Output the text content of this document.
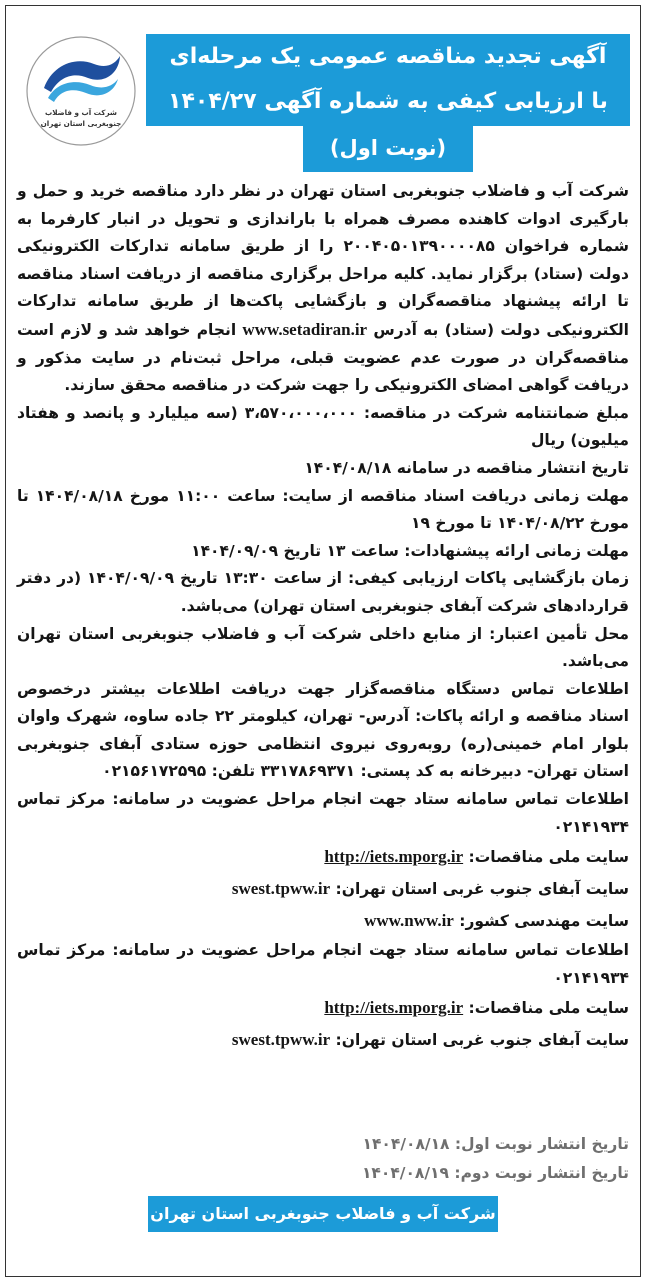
شرکت آب و فاضلاب
جنوبغربی استان تهران
آگهی تجدید مناقصه عمومی یک مرحله‌ای
با ارزیابی کیفی به شماره آگهی ۱۴۰۴/۲۷
(نوبت اول)

شرکت آب و فاضلاب جنوبغربی استان تهران در نظر دارد مناقصه خرید و حمل و بارگیری ادوات کاهنده مصرف همراه با باراندازی و تحویل در انبار کارفرما به شماره فراخوان ۲۰۰۴۰۵۰۱۳۹۰۰۰۰۸۵ را از طریق سامانه تدارکات الکترونیکی دولت (ستاد) برگزار نماید. کلیه مراحل برگزاری مناقصه از دریافت اسناد مناقصه تا ارائه پیشنهاد مناقصه‌گران و بازگشایی پاکت‌ها از طریق سامانه تدارکات الکترونیکی دولت (ستاد) به آدرس www.setadiran.ir انجام خواهد شد و لازم است مناقصه‌گران در صورت عدم عضویت قبلی، مراحل ثبت‌نام در سایت مذکور و دریافت گواهی امضای الکترونیکی را جهت شرکت در مناقصه محقق سازند.

مبلغ ضمانتنامه شرکت در مناقصه: ۳،۵۷۰،۰۰۰،۰۰۰ (سه میلیارد و پانصد و هفتاد میلیون) ریال

تاریخ انتشار مناقصه در سامانه ۱۴۰۴/۰۸/۱۸

مهلت زمانی دریافت اسناد مناقصه از سایت: ساعت ۱۱:۰۰ مورخ ۱۴۰۴/۰۸/۱۸ تا مورخ ۱۴۰۴/۰۸/۲۲ تا مورخ ۱۹

مهلت زمانی ارائه پیشنهادات: ساعت ۱۳ تاریخ ۱۴۰۴/۰۹/۰۹

زمان بازگشایی پاکات ارزیابی کیفی: از ساعت ۱۳:۳۰ تاریخ ۱۴۰۴/۰۹/۰۹ (در دفتر قراردادهای شرکت آبفای جنوبغربی استان تهران) می‌باشد.

محل تأمین اعتبار: از منابع داخلی شرکت آب و فاضلاب جنوبغربی استان تهران می‌باشد.

اطلاعات تماس دستگاه مناقصه‌گزار جهت دریافت اطلاعات بیشتر درخصوص اسناد مناقصه و ارائه پاکات: آدرس- تهران، کیلومتر ۲۲ جاده ساوه، شهرک واوان بلوار امام خمینی(ره) روبه‌روی نیروی انتظامی حوزه ستادی آبفای جنوبغربی استان تهران- دبیرخانه به کد پستی: ۳۳۱۷۸۶۹۳۷۱ تلفن: ۰۲۱۵۶۱۷۲۵۹۵

اطلاعات تماس سامانه ستاد جهت انجام مراحل عضویت در سامانه: مرکز تماس ۰۲۱۴۱۹۳۴

سایت ملی مناقصات: http://iets.mporg.ir

سایت آبفای جنوب غربی استان تهران: swest.tpww.ir

سایت مهندسی کشور: www.nww.ir

اطلاعات تماس سامانه ستاد جهت انجام مراحل عضویت در سامانه: مرکز تماس ۰۲۱۴۱۹۳۴

سایت ملی مناقصات: http://iets.mporg.ir

سایت آبفای جنوب غربی استان تهران: swest.tpww.ir

تاریخ انتشار نوبت اول: ۱۴۰۴/۰۸/۱۸

تاریخ انتشار نوبت دوم: ۱۴۰۴/۰۸/۱۹

شرکت آب و فاضلاب جنوبغربی استان تهران
